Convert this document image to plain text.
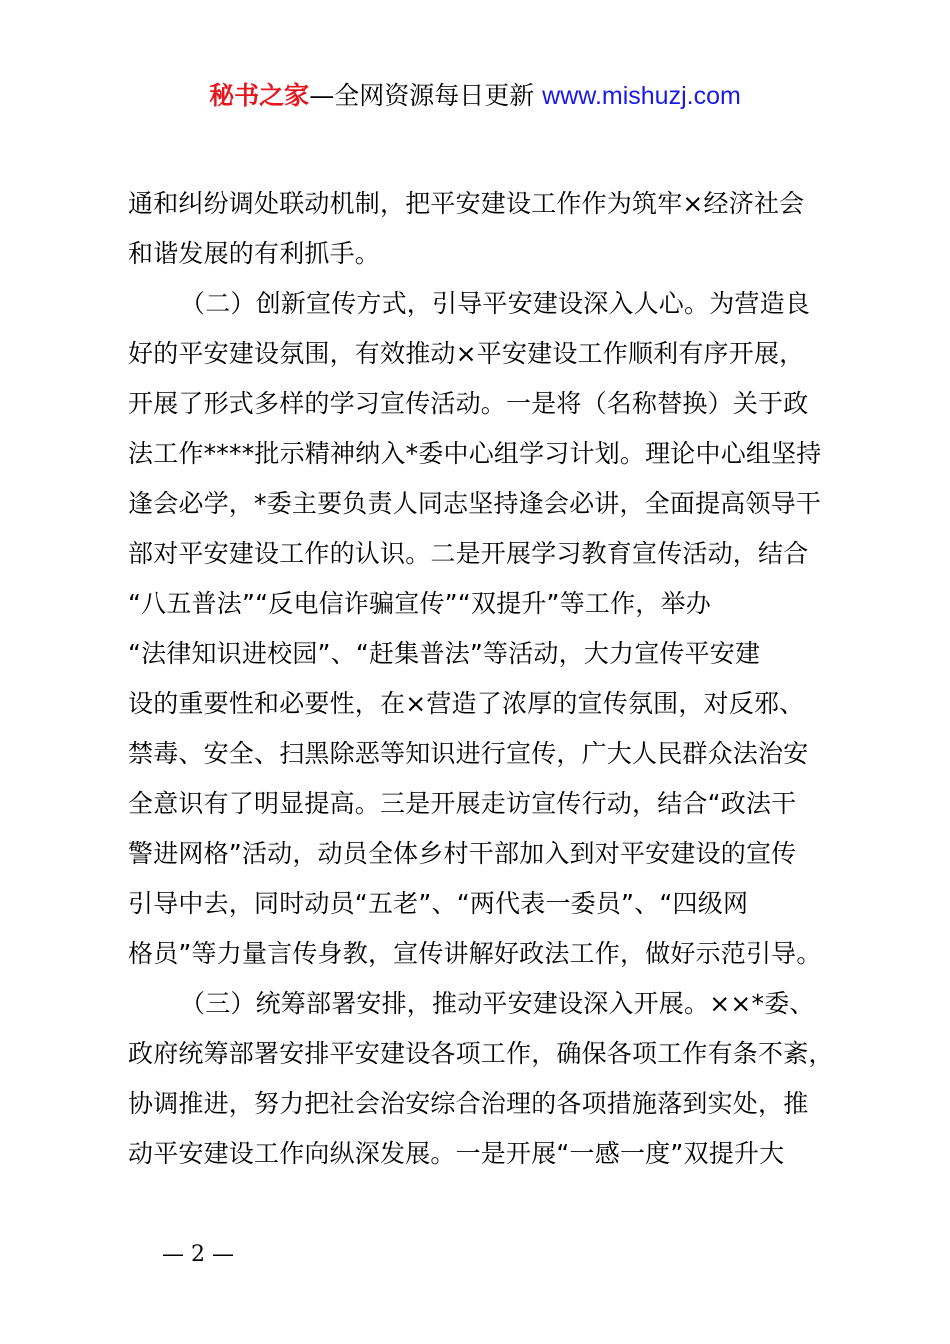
秘书之家—全网资源每日更新 www.mishuzj.com
通和纠纷调处联动机制，把平安建设工作作为筑牢×经济社会
和谐发展的有利抓手。
（二）创新宣传方式，引导平安建设深入人心。为营造良
好的平安建设氛围，有效推动×平安建设工作顺利有序开展，
开展了形式多样的学习宣传活动。一是将（名称替换）关于政
法工作****批示精神纳入*委中心组学习计划。理论中心组坚持
逢会必学，*委主要负责人同志坚持逢会必讲，全面提高领导干
部对平安建设工作的认识。二是开展学习教育宣传活动，结合
“八五普法”“反电信诈骗宣传”“双提升”等工作，举办
“法律知识进校园”、“赶集普法”等活动，大力宣传平安建
设的重要性和必要性，在×营造了浓厚的宣传氛围，对反邪、
禁毒、安全、扫黑除恶等知识进行宣传，广大人民群众法治安
全意识有了明显提高。三是开展走访宣传行动，结合“政法干
警进网格”活动，动员全体乡村干部加入到对平安建设的宣传
引导中去，同时动员“五老”、“两代表一委员”、“四级网
格员”等力量言传身教，宣传讲解好政法工作，做好示范引导。
（三）统筹部署安排，推动平安建设深入开展。××*委、
政府统筹部署安排平安建设各项工作，确保各项工作有条不紊，
协调推进，努力把社会治安综合治理的各项措施落到实处，推
动平安建设工作向纵深发展。一是开展“一感一度”双提升大
— 2 —
